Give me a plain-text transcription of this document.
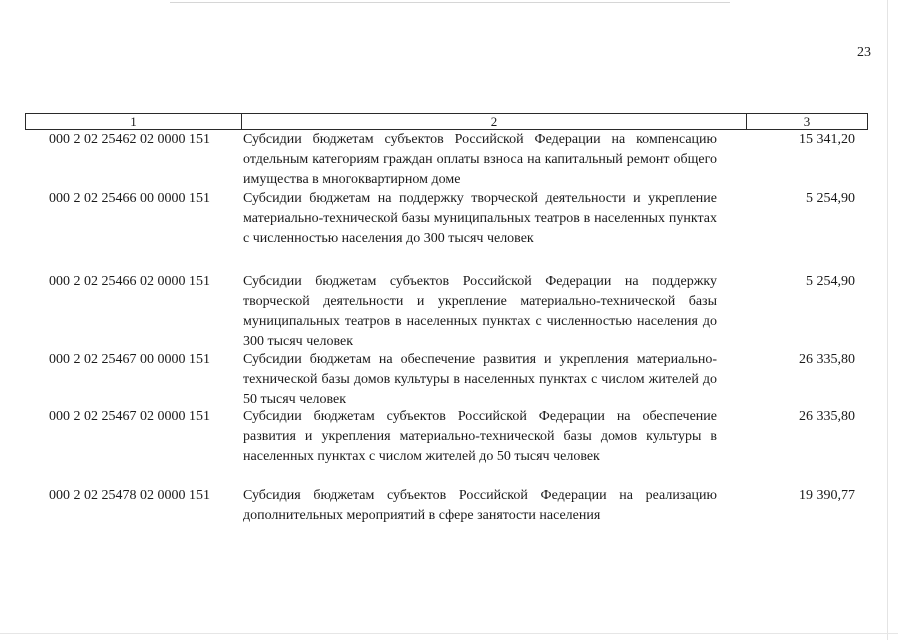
23
1	2	3
000 2 02 25462 02 0000 151 Субсидии бюджетам субъектов Российской Федерации на компенсацию отдельным категориям граждан оплаты взноса на капитальный ремонт общего имущества в многоквартирном доме
15 341,20
000 2 02 25466 00 0000 151 Субсидии бюджетам на поддержку творческой деятельности и укрепление материально-технической базы муниципальных театров в населенных пунктах с численностью населения до 300 тысяч человек
5 254,90
000 2 02 25466 02 0000 151 Субсидии бюджетам субъектов Российской Федерации на поддержку творческой деятельности и укрепление материально-технической базы муниципальных театров в населенных пунктах с численностью населения до 300 тысяч человек
5 254,90
000 2 02 25467 00 0000 151 Субсидии бюджетам на обеспечение развития и укрепления материально-технической базы домов культуры в населенных пунктах с числом жителей до 50 тысяч человек
26 335,80
000 2 02 25467 02 0000 151 Субсидии бюджетам субъектов Российской Федерации на обеспечение развития и укрепления материально-технической базы домов культуры в населенных пунктах с числом жителей до 50 тысяч человек
26 335,80
000 2 02 25478 02 0000 151 Субсидия бюджетам субъектов Российской Федерации на реализацию дополнительных мероприятий в сфере занятости населения
19 390,77
